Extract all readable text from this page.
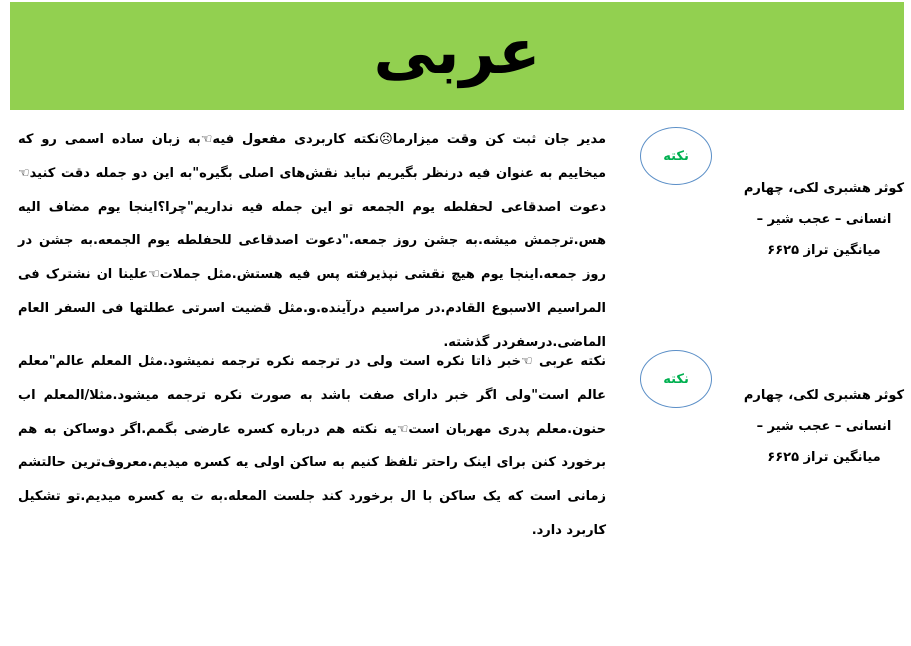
عربی
نکته
مدیر جان ثبت کن وقت میزارما☹نکته کاربردی مفعول فیه☜به زبان ساده اسمی رو که میخاییم به عنوان فیه درنظر بگیریم نباید نقش‌های اصلی بگیره"به این دو جمله دقت کنید☜دعوت اصدقاعی لحفلطه یوم الجمعه تو این جمله فیه نداریم"چرا؟اینجا یوم مضاف الیه هس.ترجمش میشه.به جشن روز جمعه."دعوت اصدقاعی للحفلطه یوم الجمعه.به جشن در روز جمعه.اینجا یوم هیچ نقشی نپذیرفته پس فیه هستش.مثل جملات☜علینا ان نشترک فی المراسیم الاسبوع القادم.در مراسیم درآینده.و.مثل قضیت اسرتی عطلتها فی السفر العام الماضی.درسفردر گذشته.
کوثر هشبری لکی، چهارم انسانی – عجب شیر – میانگین تراز ۶۶۲۵
نکته
نکته عربی ☜خبر ذاتا نکره است ولی در ترجمه نکره ترجمه نمیشود.مثل المعلم عالم"معلم عالم است"ولی اگر خبر دارای صفت باشد به صورت نکره ترجمه میشود.مثلا/المعلم اب حنون.معلم پدری مهربان است☜یه نکته هم درباره کسره عارضی بگمم.اگر دوساکن به هم برخورد کنن برای اینک راحتر تلفظ کنیم به ساکن اولی یه کسره میدیم.معروف‌ترین حالتشم زمانی است که یک ساکن با ال برخورد کند جلست المعله.به ت یه کسره میدیم.تو تشکیل کاربرد دارد.
کوثر هشبری لکی، چهارم انسانی – عجب شیر – میانگین تراز ۶۶۲۵
